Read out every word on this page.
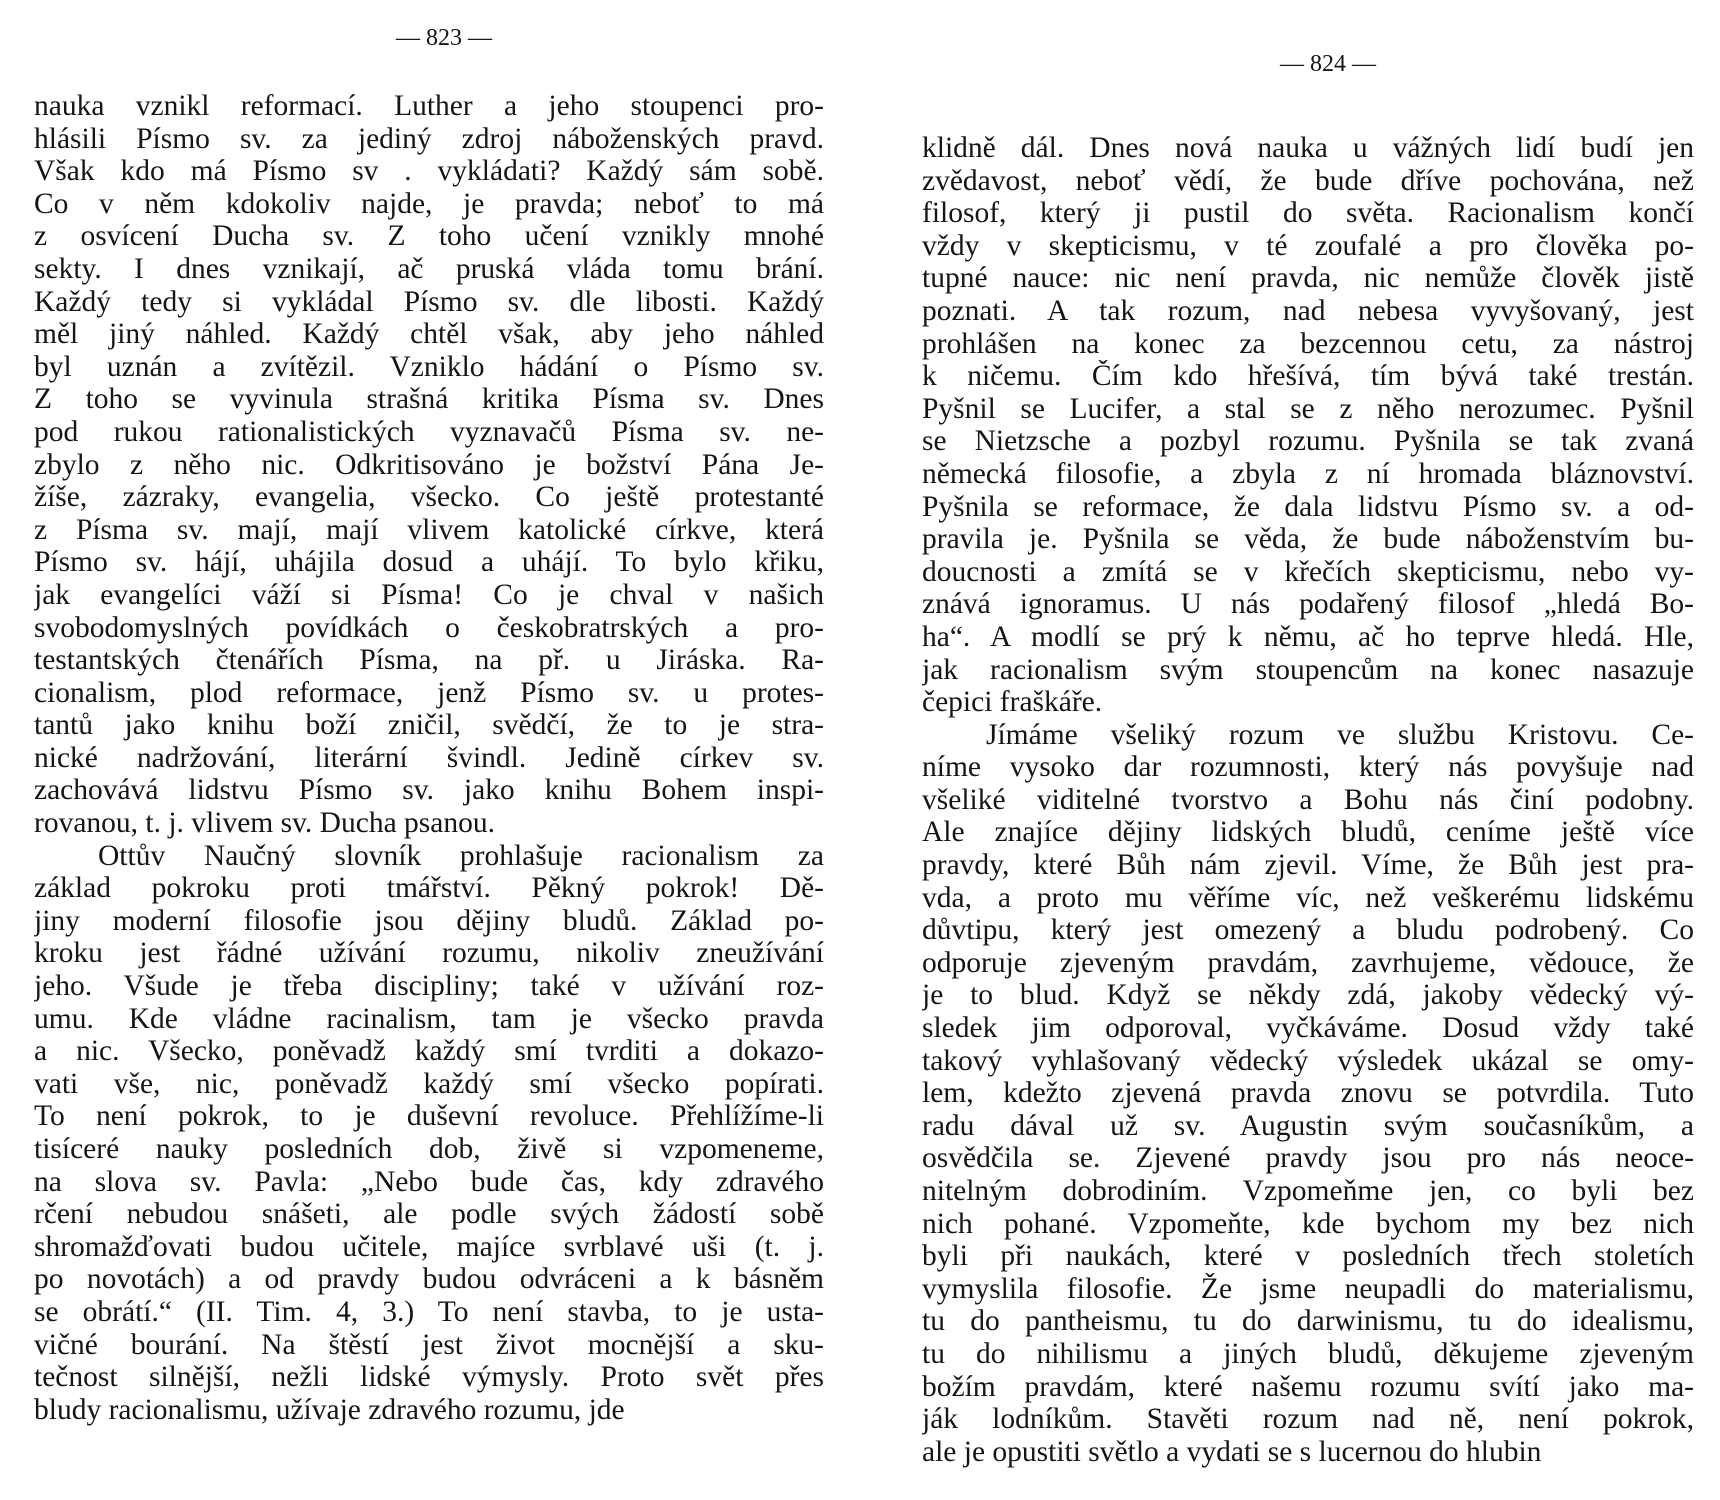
— 823 —
nauka vznikl reformací. Luther a jeho stoupenci pro-
hlásili Písmo sv. za jediný zdroj náboženských pravd.
Však kdo má Písmo sv . vykládati? Každý sám sobě.
Co v něm kdokoliv najde, je pravda; neboť to má
z osvícení Ducha sv. Z toho učení vznikly mnohé
sekty. I dnes vznikají, ač pruská vláda tomu brání.
Každý tedy si vykládal Písmo sv. dle libosti. Každý
měl jiný náhled. Každý chtěl však, aby jeho náhled
byl uznán a zvítězil. Vzniklo hádání o Písmo sv.
Z toho se vyvinula strašná kritika Písma sv. Dnes
pod rukou rationalistických vyznavačů Písma sv. ne-
zbylo z něho nic. Odkritisováno je božství Pána Je-
žíše, zázraky, evangelia, všecko. Co ještě protestanté
z Písma sv. mají, mají vlivem katolické církve, která
Písmo sv. hájí, uhájila dosud a uhájí. To bylo křiku,
jak evangelíci váží si Písma! Co je chval v našich
svobodomyslných povídkách o českobratrských a pro-
testantských čtenářích Písma, na př. u Jiráska. Ra-
cionalism, plod reformace, jenž Písmo sv. u protes-
tantů jako knihu boží zničil, svědčí, že to je stra-
nické nadržování, literární švindl. Jedině církev sv.
zachovává lidstvu Písmo sv. jako knihu Bohem inspi-
rovanou, t. j. vlivem sv. Ducha psanou.
Ottův Naučný slovník prohlašuje racionalism za
základ pokroku proti tmářství. Pěkný pokrok! Dě-
jiny moderní filosofie jsou dějiny bludů. Základ po-
kroku jest řádné užívání rozumu, nikoliv zneužívání
jeho. Všude je třeba discipliny; také v užívání roz-
umu. Kde vládne racinalism, tam je všecko pravda
a nic. Všecko, poněvadž každý smí tvrditi a dokazo-
vati vše, nic, poněvadž každý smí všecko popírati.
To není pokrok, to je duševní revoluce. Přehlížíme-li
tisíceré nauky posledních dob, živě si vzpomeneme,
na slova sv. Pavla: „Nebo bude čas, kdy zdravého
rčení nebudou snášeti, ale podle svých žádostí sobě
shromažďovati budou učitele, majíce svrblavé uši (t. j.
po novotách) a od pravdy budou odvráceni a k básněm
se obrátí.“ (II. Tim. 4, 3.) To není stavba, to je usta-
vičné bourání. Na štěstí jest život mocnější a sku-
tečnost silnější, nežli lidské výmysly. Proto svět přes
bludy racionalismu, užívaje zdravého rozumu, jde
— 824 —
klidně dál. Dnes nová nauka u vážných lidí budí jen
zvědavost, neboť vědí, že bude dříve pochována, než
filosof, který ji pustil do světa. Racionalism končí
vždy v skepticismu, v té zoufalé a pro člověka po-
tupné nauce: nic není pravda, nic nemůže člověk jistě
poznati. A tak rozum, nad nebesa vyvyšovaný, jest
prohlášen na konec za bezcennou cetu, za nástroj
k ničemu. Čím kdo hřešívá, tím bývá také trestán.
Pyšnil se Lucifer, a stal se z něho nerozumec. Pyšnil
se Nietzsche a pozbyl rozumu. Pyšnila se tak zvaná
německá filosofie, a zbyla z ní hromada bláznovství.
Pyšnila se reformace, že dala lidstvu Písmo sv. a od-
pravila je. Pyšnila se věda, že bude náboženstvím bu-
doucnosti a zmítá se v křečích skepticismu, nebo vy-
znává ignoramus. U nás podařený filosof „hledá Bo-
ha“. A modlí se prý k němu, ač ho teprve hledá. Hle,
jak racionalism svým stoupencům na konec nasazuje
čepici fraškáře.
Jímáme všeliký rozum ve službu Kristovu. Ce-
níme vysoko dar rozumnosti, který nás povyšuje nad
všeliké viditelné tvorstvo a Bohu nás činí podobny.
Ale znajíce dějiny lidských bludů, ceníme ještě více
pravdy, které Bůh nám zjevil. Víme, že Bůh jest pra-
vda, a proto mu věříme víc, než veškerému lidskému
důvtipu, který jest omezený a bludu podrobený. Co
odporuje zjeveným pravdám, zavrhujeme, vědouce, že
je to blud. Když se někdy zdá, jakoby vědecký vý-
sledek jim odporoval, vyčkáváme. Dosud vždy také
takový vyhlašovaný vědecký výsledek ukázal se omy-
lem, kdežto zjevená pravda znovu se potvrdila. Tuto
radu dával už sv. Augustin svým současníkům, a
osvědčila se. Zjevené pravdy jsou pro nás neoce-
nitelným dobrodiním. Vzpomeňme jen, co byli bez
nich pohané. Vzpomeňte, kde bychom my bez nich
byli při naukách, které v posledních třech stoletích
vymyslila filosofie. Že jsme neupadli do materialismu,
tu do pantheismu, tu do darwinismu, tu do idealismu,
tu do nihilismu a jiných bludů, děkujeme zjeveným
božím pravdám, které našemu rozumu svítí jako ma-
ják lodníkům. Stavěti rozum nad ně, není pokrok,
ale je opustiti světlo a vydati se s lucernou do hlubin
